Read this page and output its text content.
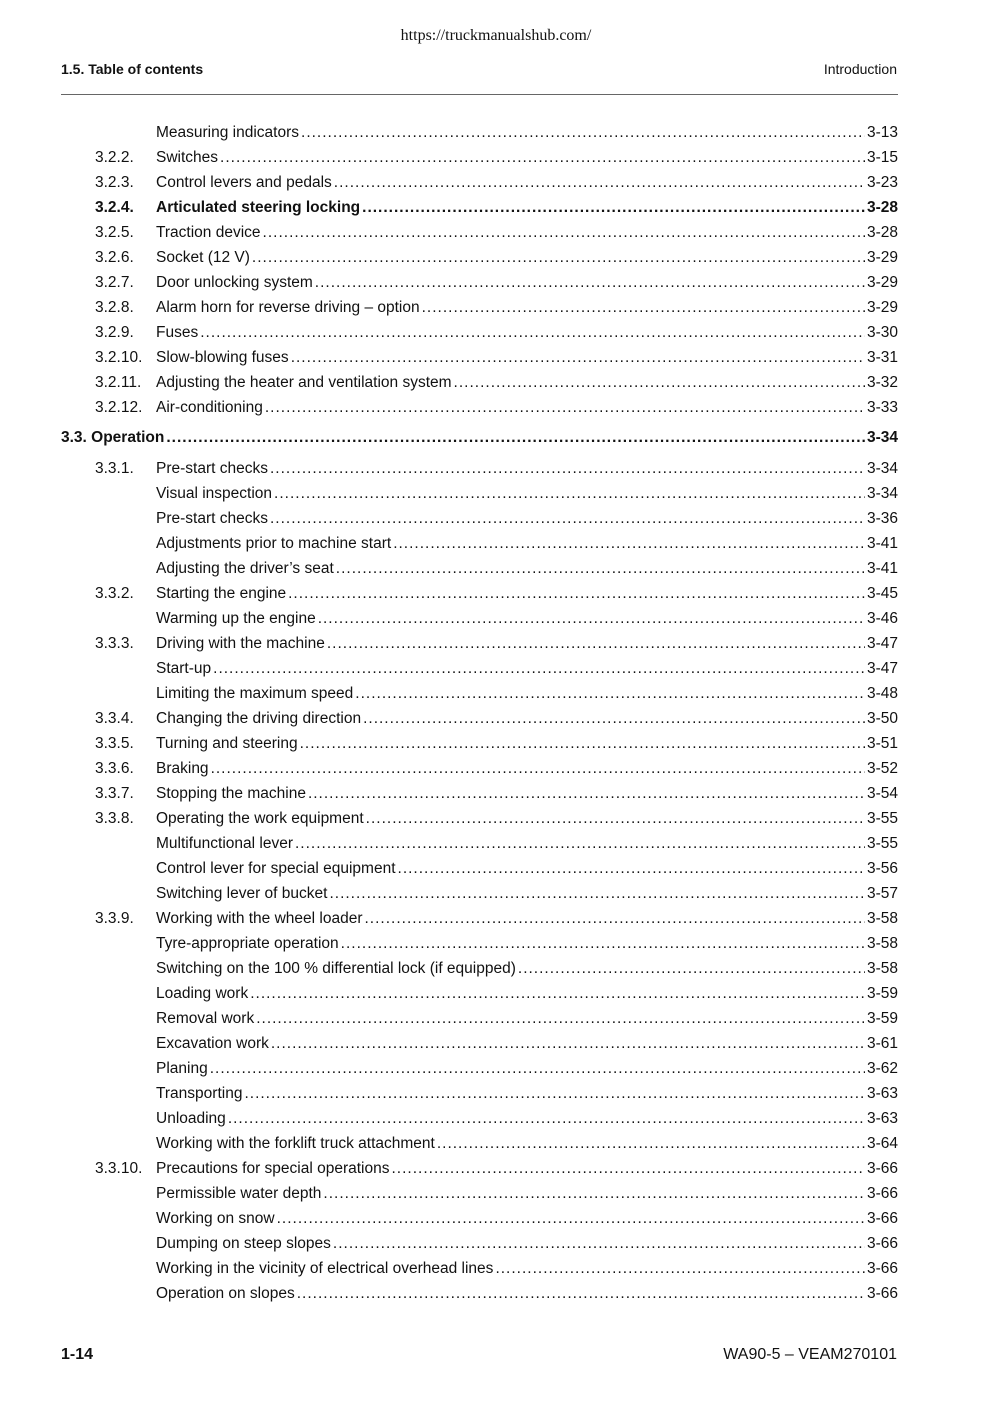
https://truckmanualshub.com/
1.5. Table of contents	Introduction
Measuring indicators .....	3-13
3.2.2.	Switches .....	3-15
3.2.3.	Control levers and pedals .....	3-23
3.2.4.	Articulated steering locking .....	3-28
3.2.5.	Traction device .....	3-28
3.2.6.	Socket (12 V) .....	3-29
3.2.7.	Door unlocking system .....	3-29
3.2.8.	Alarm horn for reverse driving – option .....	3-29
3.2.9.	Fuses .....	3-30
3.2.10. Slow-blowing fuses .....	3-31
3.2.11. Adjusting the heater and ventilation system .....	3-32
3.2.12. Air-conditioning .....	3-33
3.3. Operation .....	3-34
3.3.1.	Pre-start checks .....	3-34
Visual inspection .....	3-34
Pre-start checks .....	3-36
Adjustments prior to machine start .....	3-41
Adjusting the driver’s seat .....	3-41
3.3.2.	Starting the engine .....	3-45
Warming up the engine .....	3-46
3.3.3.	Driving with the machine .....	3-47
Start-up .....	3-47
Limiting the maximum speed .....	3-48
3.3.4.	Changing the driving direction .....	3-50
3.3.5.	Turning and steering .....	3-51
3.3.6.	Braking .....	3-52
3.3.7.	Stopping the machine .....	3-54
3.3.8.	Operating the work equipment .....	3-55
Multifunctional lever .....	3-55
Control lever for special equipment .....	3-56
Switching lever of bucket .....	3-57
3.3.9.	Working with the wheel loader .....	3-58
Tyre-appropriate operation .....	3-58
Switching on the 100 % differential lock (if equipped) .....	3-58
Loading work .....	3-59
Removal work .....	3-59
Excavation work .....	3-61
Planing .....	3-62
Transporting .....	3-63
Unloading .....	3-63
Working with the forklift truck attachment .....	3-64
3.3.10. Precautions for special operations .....	3-66
Permissible water depth .....	3-66
Working on snow .....	3-66
Dumping on steep slopes .....	3-66
Working in the vicinity of electrical overhead lines .....	3-66
Operation on slopes .....	3-66
1-14	WA90-5 – VEAM270101
